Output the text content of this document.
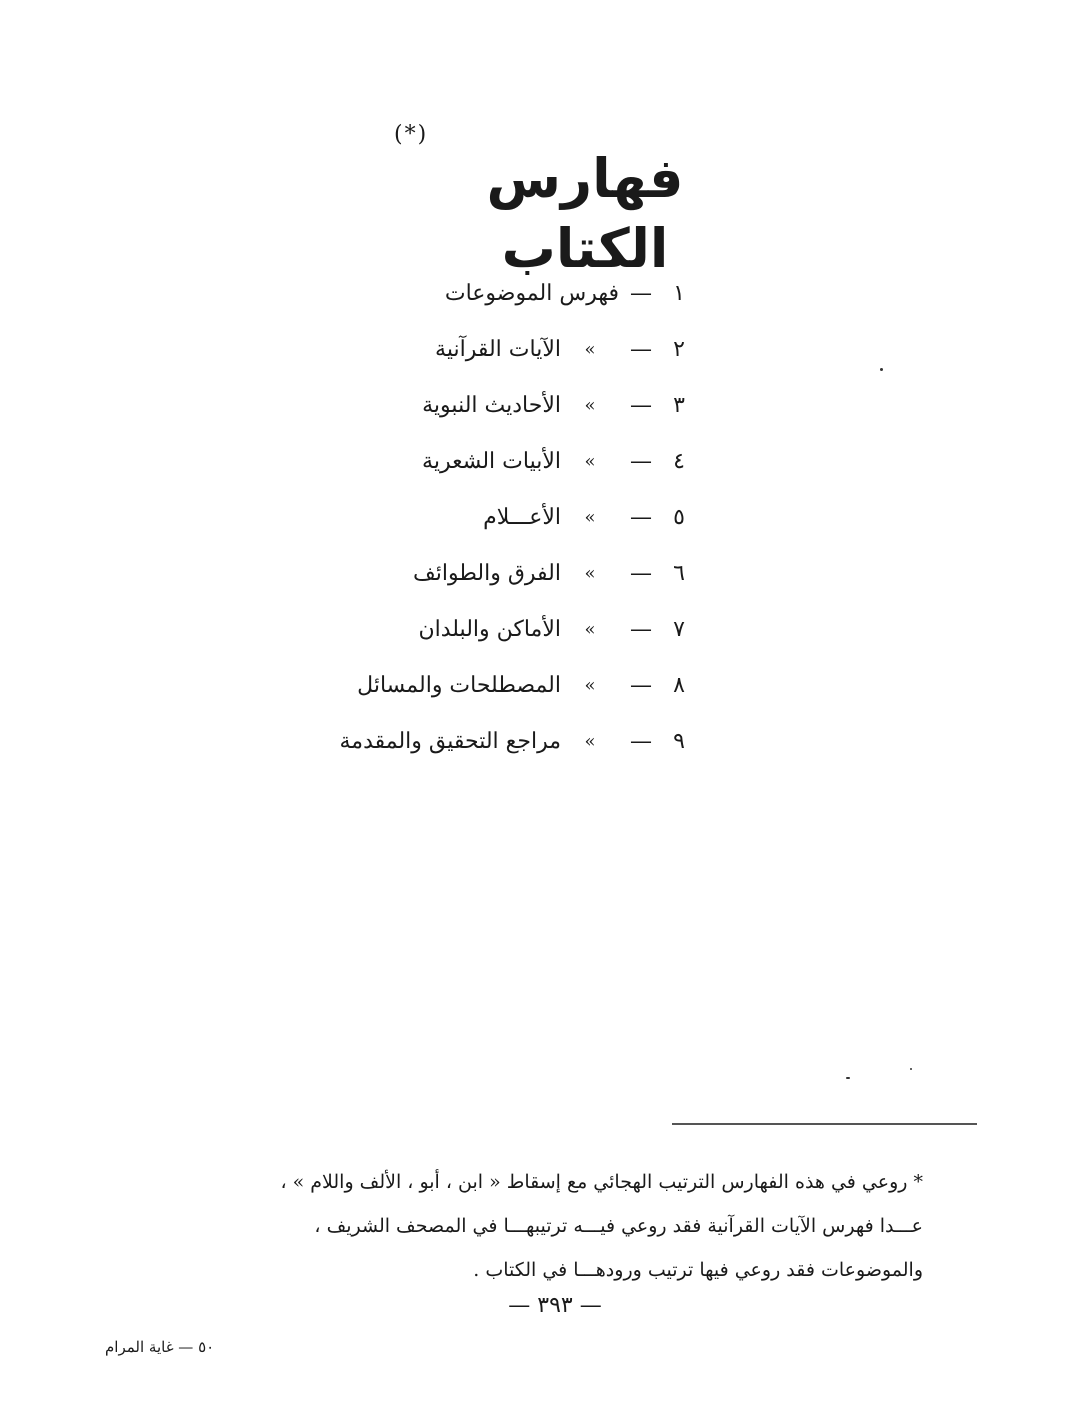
(*)
فهارس الكتاب
١
—
فهرس الموضوعات
٢
—
»
الآيات القرآنية
٣
—
»
الأحاديث النبوية
٤
—
»
الأبيات الشعرية
٥
—
»
الأعـــلام
٦
—
»
الفرق والطوائف
٧
—
»
الأماكن والبلدان
٨
—
»
المصطلحات والمسائل
٩
—
»
مراجع التحقيق والمقدمة

* روعي في هذه الفهارس الترتيب الهجائي مع إسقاط « ابن ، أبو ، الألف واللام » ،

عـــدا فهرس الآيات القرآنية فقد روعي فيـــه ترتيبهـــا في المصحف الشريف ،

والموضوعات فقد روعي فيها ترتيب ورودهـــا في الكتاب .

— ٣٩٣ —
٥٠ — غاية المرام
